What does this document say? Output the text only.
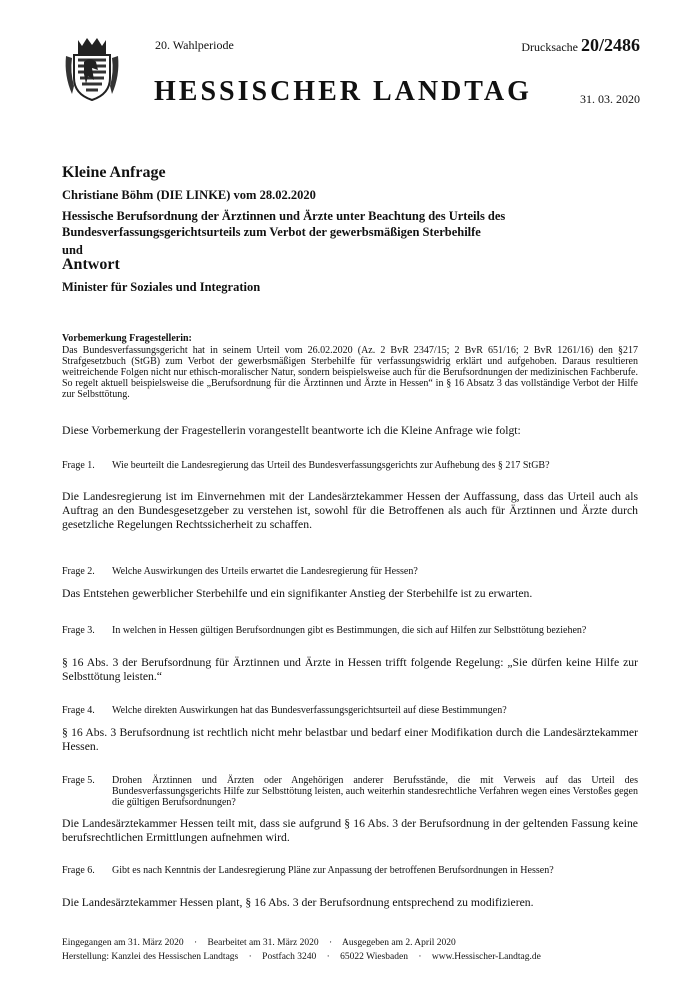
20. Wahlperiode
HESSISCHER LANDTAG
Drucksache 20/2486
31. 03. 2020
Kleine Anfrage
Christiane Böhm (DIE LINKE) vom 28.02.2020
Hessische Berufsordnung der Ärztinnen und Ärzte unter Beachtung des Urteils des Bundesverfassungsgerichtsurteils zum Verbot der gewerbsmäßigen Sterbehilfe
und
Antwort
Minister für Soziales und Integration
Vorbemerkung Fragestellerin:
Das Bundesverfassungsgericht hat in seinem Urteil vom 26.02.2020 (Az. 2 BvR 2347/15; 2 BvR 651/16; 2 BvR 1261/16) den §217 Strafgesetzbuch (StGB) zum Verbot der gewerbsmäßigen Sterbehilfe für verfassungswidrig erklärt und aufgehoben. Daraus resultieren weitreichende Folgen nicht nur ethisch-moralischer Natur, sondern beispielsweise auch für die Berufsordnungen der medizinischen Fachberufe. So regelt aktuell beispielsweise die „Berufsordnung für die Ärztinnen und Ärzte in Hessen“ in § 16 Absatz 3 das vollständige Verbot der Hilfe zur Selbsttötung.
Diese Vorbemerkung der Fragestellerin vorangestellt beantworte ich die Kleine Anfrage wie folgt:
Frage 1.	Wie beurteilt die Landesregierung das Urteil des Bundesverfassungsgerichts zur Aufhebung des § 217 StGB?
Die Landesregierung ist im Einvernehmen mit der Landesärztekammer Hessen der Auffassung, dass das Urteil auch als Auftrag an den Bundesgesetzgeber zu verstehen ist, sowohl für die Betroffenen als auch für Ärztinnen und Ärzte durch gesetzliche Regelungen Rechtssicherheit zu schaffen.
Frage 2.	Welche Auswirkungen des Urteils erwartet die Landesregierung für Hessen?
Das Entstehen gewerblicher Sterbehilfe und ein signifikanter Anstieg der Sterbehilfe ist zu erwarten.
Frage 3.	In welchen in Hessen gültigen Berufsordnungen gibt es Bestimmungen, die sich auf Hilfen zur Selbsttötung beziehen?
§ 16 Abs. 3 der Berufsordnung für Ärztinnen und Ärzte in Hessen trifft folgende Regelung: „Sie dürfen keine Hilfe zur Selbsttötung leisten.“
Frage 4.	Welche direkten Auswirkungen hat das Bundesverfassungsgerichtsurteil auf diese Bestimmungen?
§ 16 Abs. 3 Berufsordnung ist rechtlich nicht mehr belastbar und bedarf einer Modifikation durch die Landesärztekammer Hessen.
Frage 5.	Drohen Ärztinnen und Ärzten oder Angehörigen anderer Berufsstände, die mit Verweis auf das Urteil des Bundesverfassungsgerichts Hilfe zur Selbsttötung leisten, auch weiterhin standesrechtliche Verfahren wegen eines Verstoßes gegen die gültigen Berufsordnungen?
Die Landesärztekammer Hessen teilt mit, dass sie aufgrund § 16 Abs. 3 der Berufsordnung in der geltenden Fassung keine berufsrechtlichen Ermittlungen aufnehmen wird.
Frage 6.	Gibt es nach Kenntnis der Landesregierung Pläne zur Anpassung der betroffenen Berufsordnungen in Hessen?
Die Landesärztekammer Hessen plant, § 16 Abs. 3 der Berufsordnung entsprechend zu modifizieren.
Eingegangen am 31. März 2020 · Bearbeitet am 31. März 2020 · Ausgegeben am 2. April 2020
Herstellung: Kanzlei des Hessischen Landtags · Postfach 3240 · 65022 Wiesbaden · www.Hessischer-Landtag.de
